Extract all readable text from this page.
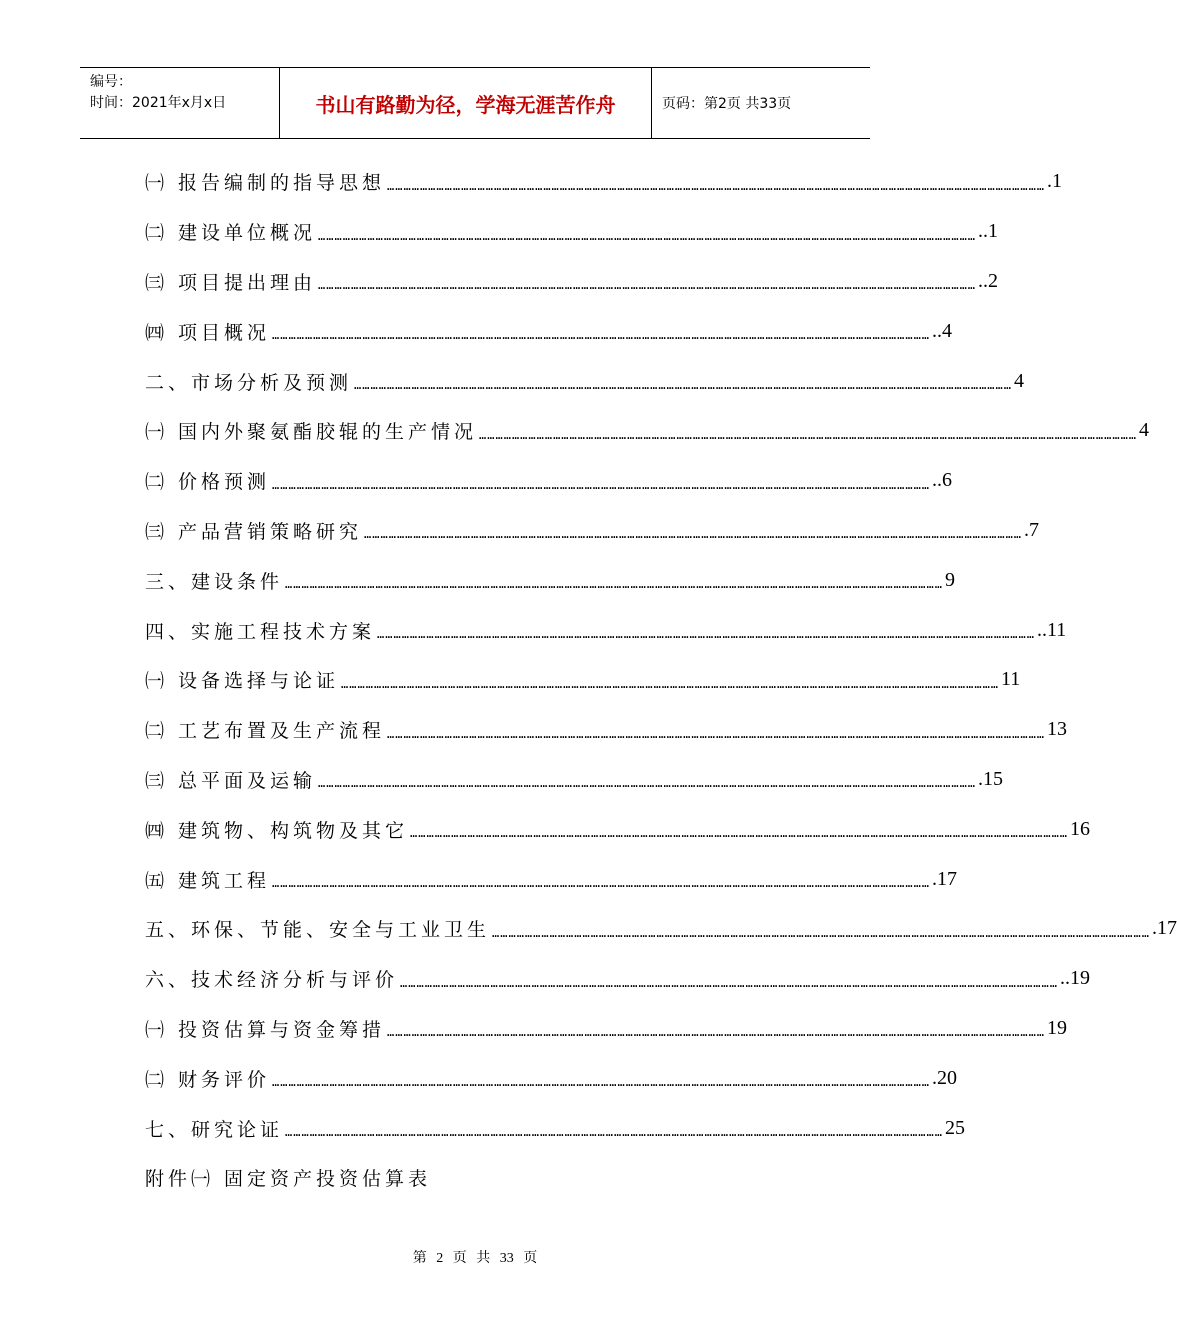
编号：
时间：2021年x月x日	书山有路勤为径，学海无涯苦作舟	页码：第2页 共33页
㈠ 报告编制的指导思想 …………………………………………………………………………………………………………………………………………………………………………………………………………………… .1
㈡ 建设单位概况 …………………………………………………………………………………………………………………………………………………………………………………………………………………… ..1
㈢ 项目提出理由 …………………………………………………………………………………………………………………………………………………………………………………………………………………… ..2
㈣ 项目概况 …………………………………………………………………………………………………………………………………………………………………………………………………………………… ..4
二、市场分析及预测 …………………………………………………………………………………………………………………………………………………………………………………………………………………… 4
㈠ 国内外聚氨酯胶辊的生产情况 …………………………………………………………………………………………………………………………………………………………………………………………………………………… 4
㈡ 价格预测 …………………………………………………………………………………………………………………………………………………………………………………………………………………… ..6
㈢ 产品营销策略研究 …………………………………………………………………………………………………………………………………………………………………………………………………………………… .7
三、建设条件 …………………………………………………………………………………………………………………………………………………………………………………………………………………… 9
四、实施工程技术方案 …………………………………………………………………………………………………………………………………………………………………………………………………………………… ..11
㈠ 设备选择与论证 …………………………………………………………………………………………………………………………………………………………………………………………………………………… 11
㈡ 工艺布置及生产流程 …………………………………………………………………………………………………………………………………………………………………………………………………………………… 13
㈢ 总平面及运输 …………………………………………………………………………………………………………………………………………………………………………………………………………………… .15
㈣ 建筑物、构筑物及其它 …………………………………………………………………………………………………………………………………………………………………………………………………………………… 16
㈤ 建筑工程 …………………………………………………………………………………………………………………………………………………………………………………………………………………… .17
五、环保、节能、安全与工业卫生 …………………………………………………………………………………………………………………………………………………………………………………………………………………… .17
六、技术经济分析与评价 …………………………………………………………………………………………………………………………………………………………………………………………………………………… ..19
㈠ 投资估算与资金筹措 …………………………………………………………………………………………………………………………………………………………………………………………………………………… 19
㈡ 财务评价 …………………………………………………………………………………………………………………………………………………………………………………………………………………… .20
七、研究论证 …………………………………………………………………………………………………………………………………………………………………………………………………………………… 25
附件㈠ 固定资产投资估算表
第 2 页 共 33 页
